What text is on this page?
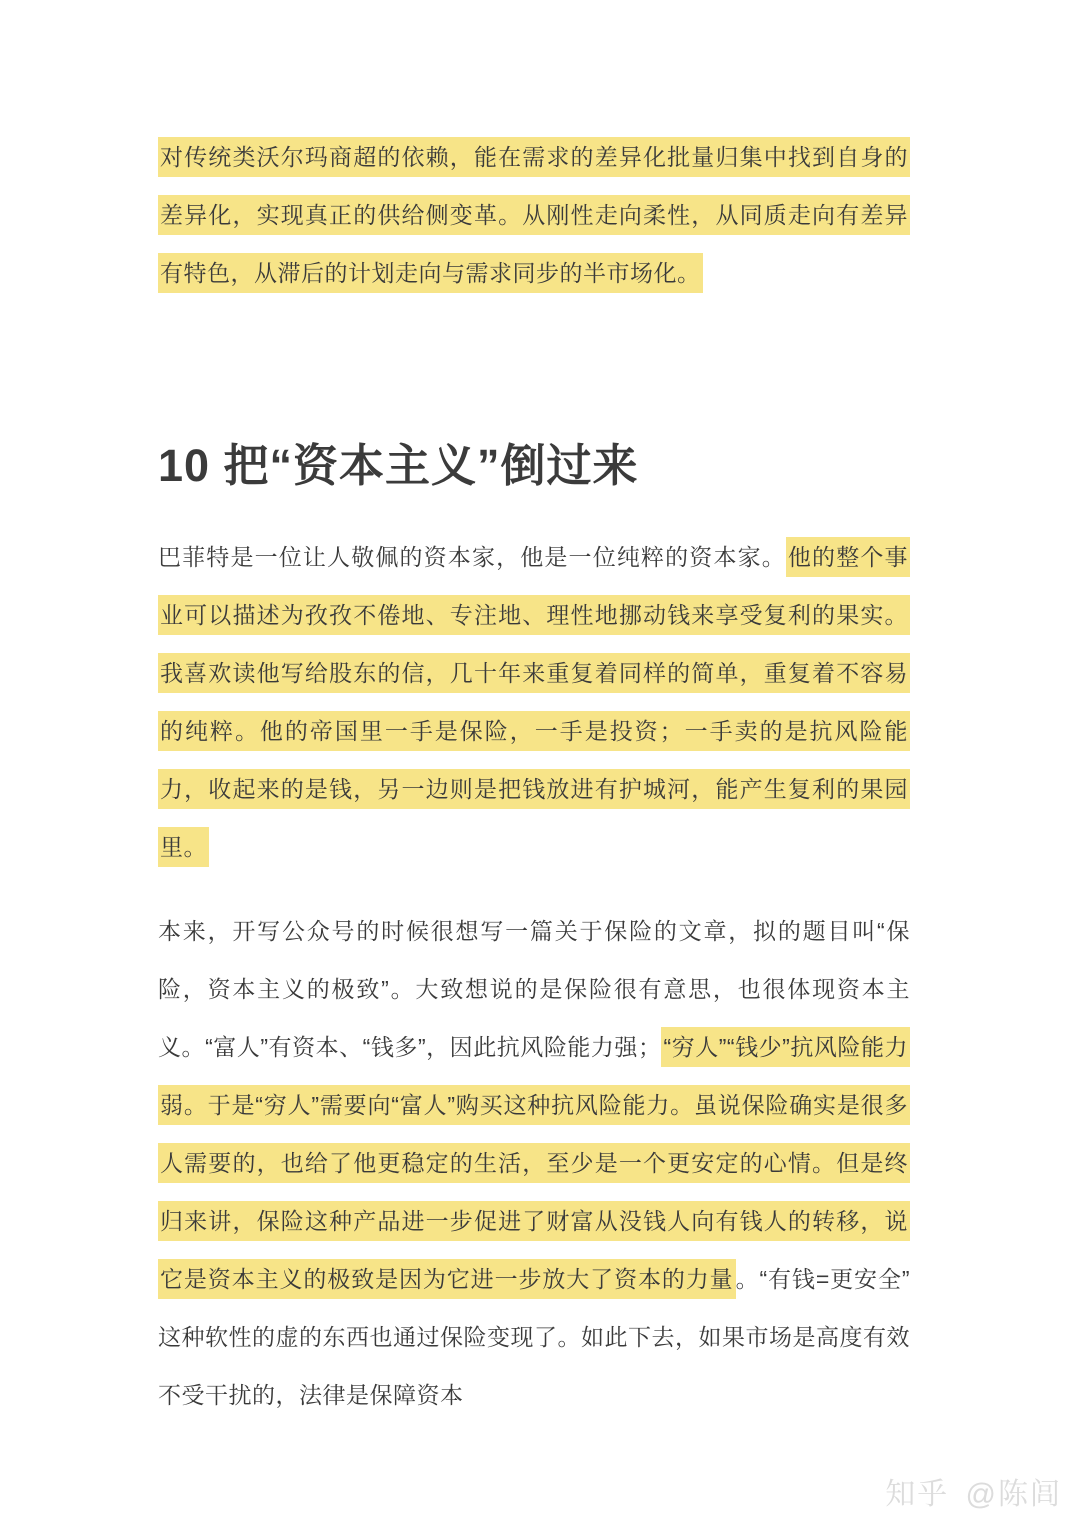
对传统类沃尔玛商超的依赖，能在需求的差异化批量归集中找到自身的差异化，实现真正的供给侧变革。从刚性走向柔性，从同质走向有差异有特色，从滞后的计划走向与需求同步的半市场化。

10 把“资本主义”倒过来

巴菲特是一位让人敬佩的资本家，他是一位纯粹的资本家。他的整个事业可以描述为孜孜不倦地、专注地、理性地挪动钱来享受复利的果实。我喜欢读他写给股东的信，几十年来重复着同样的简单，重复着不容易的纯粹。他的帝国里一手是保险，一手是投资；一手卖的是抗风险能力，收起来的是钱，另一边则是把钱放进有护城河，能产生复利的果园里。

本来，开写公众号的时候很想写一篇关于保险的文章，拟的题目叫“保险，资本主义的极致”。大致想说的是保险很有意思，也很体现资本主义。“富人”有资本、“钱多”，因此抗风险能力强；“穷人”“钱少”抗风险能力弱。于是“穷人”需要向“富人”购买这种抗风险能力。虽说保险确实是很多人需要的，也给了他更稳定的生活，至少是一个更安定的心情。但是终归来讲，保险这种产品进一步促进了财富从没钱人向有钱人的转移，说它是资本主义的极致是因为它进一步放大了资本的力量。“有钱=更安全”这种软性的虚的东西也通过保险变现了。如此下去，如果市场是高度有效不受干扰的，法律是保障资本

知乎 @陈闾
